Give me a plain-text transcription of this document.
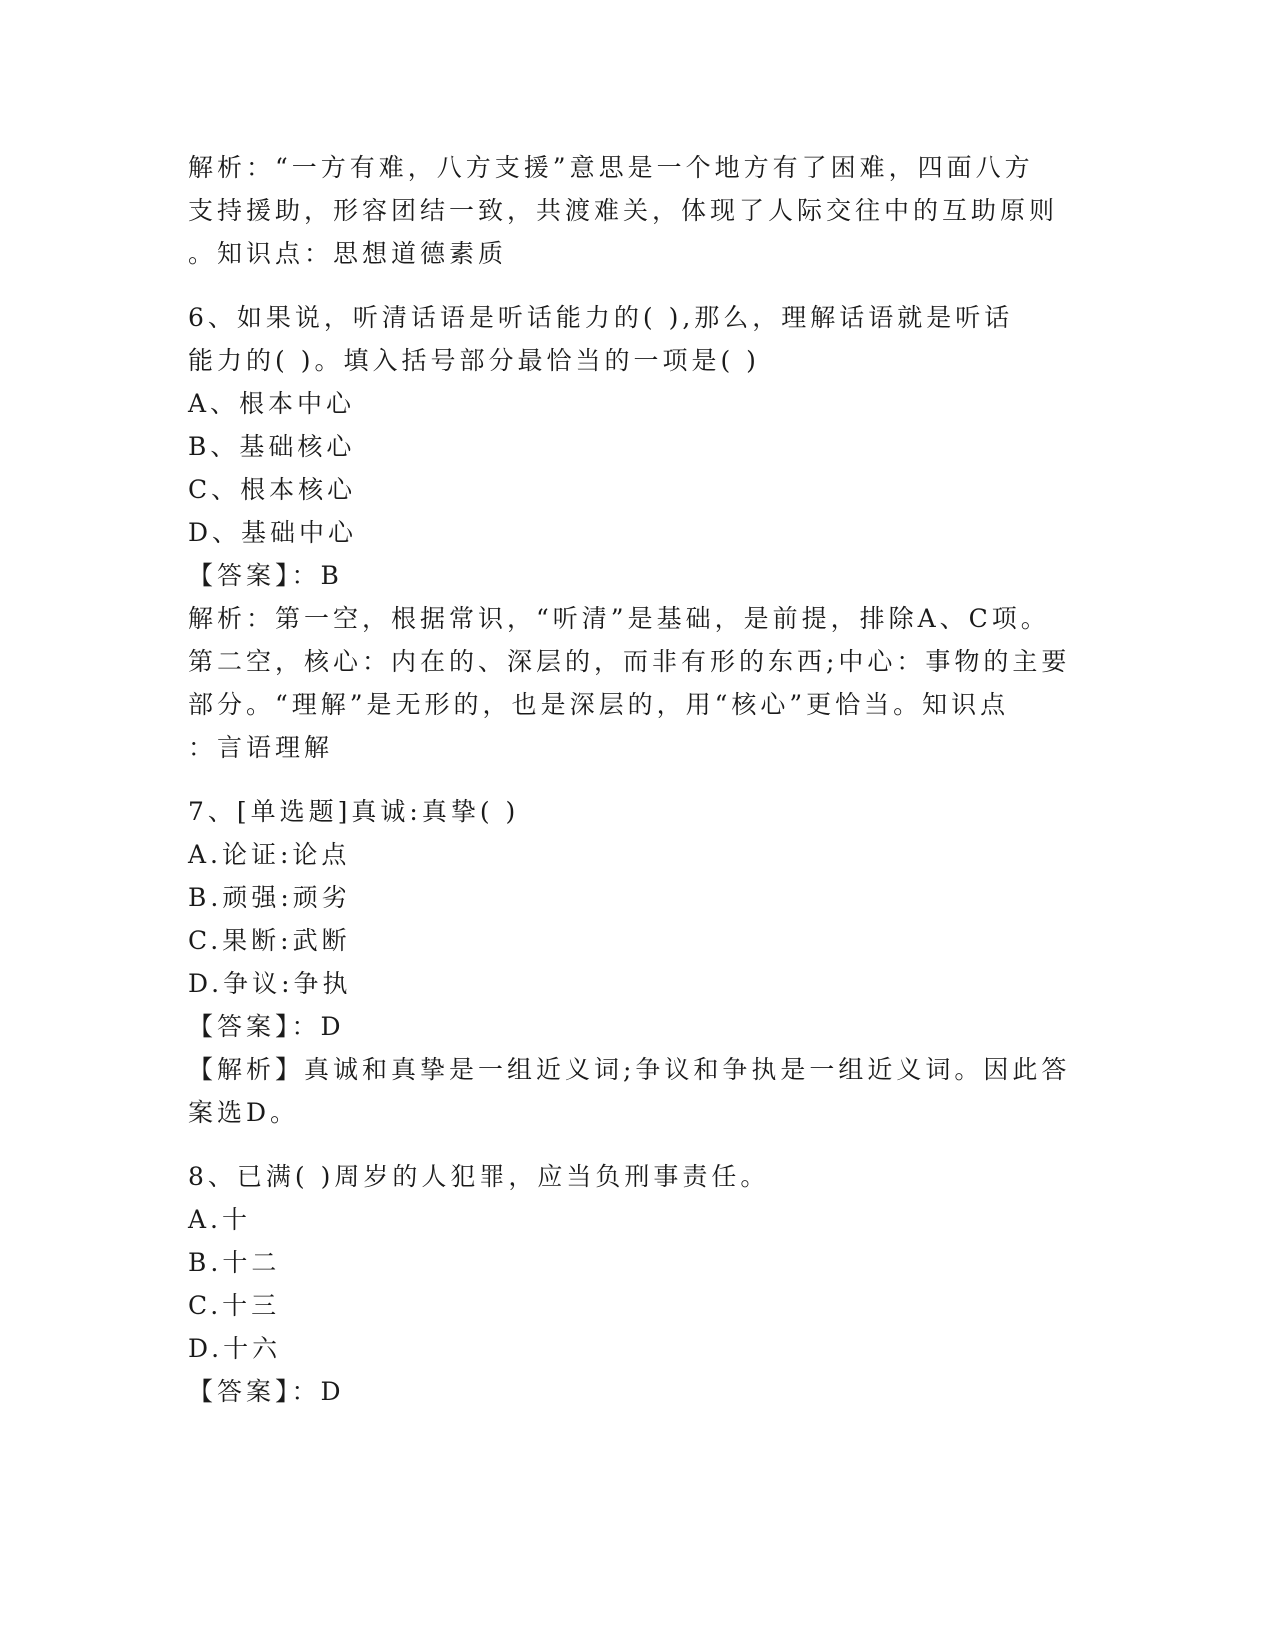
解析：“一方有难，八方支援”意思是一个地方有了困难，四面八方
支持援助，形容团结一致，共渡难关，体现了人际交往中的互助原则
。知识点：思想道德素质
6、如果说，听清话语是听话能力的( ),那么，理解话语就是听话
能力的( )。填入括号部分最恰当的一项是( )
A、根本中心
B、基础核心
C、根本核心
D、基础中心
【答案】：B
解析：第一空，根据常识，“听清”是基础，是前提，排除A、C项。
第二空，核心：内在的、深层的，而非有形的东西;中心：事物的主要
部分。“理解”是无形的，也是深层的，用“核心”更恰当。知识点
：言语理解
7、[单选题]真诚:真挚( )
A.论证:论点
B.顽强:顽劣
C.果断:武断
D.争议:争执
【答案】：D
【解析】真诚和真挚是一组近义词;争议和争执是一组近义词。因此答
案选D。
8、已满( )周岁的人犯罪，应当负刑事责任。
A.十
B.十二
C.十三
D.十六
【答案】：D
